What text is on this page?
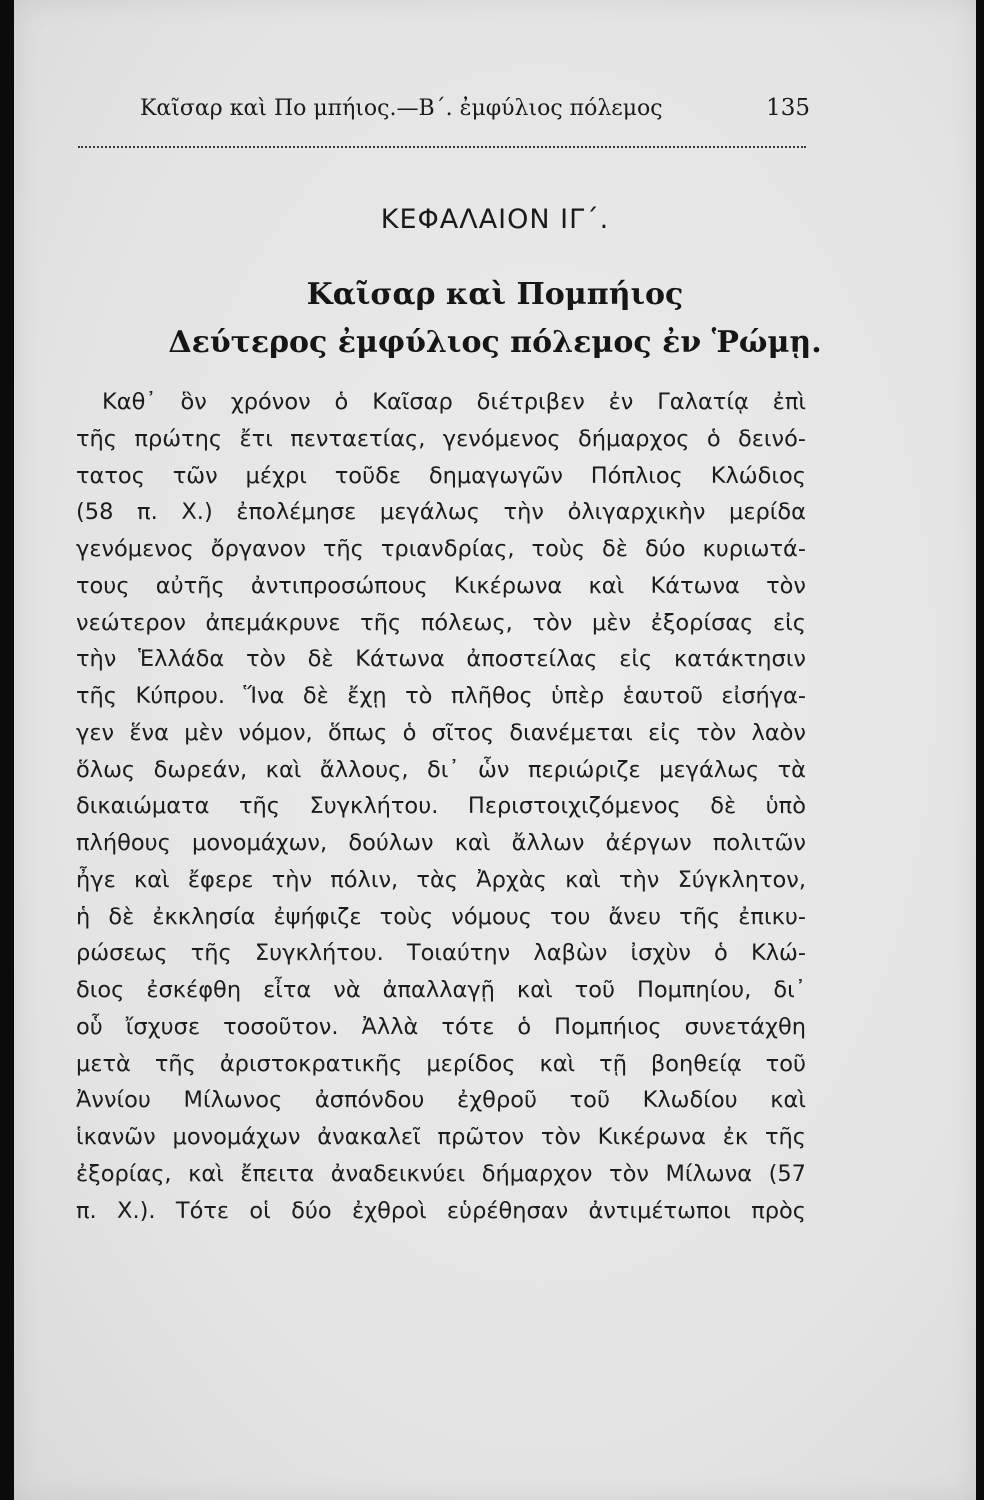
Καῖσαρ καὶ Πο μπήιος.—Β΄. ἐμφύλιος πόλεμος	135
ΚΕΦΑΛΑΙΟΝ ΙΓ΄.
Καῖσαρ καὶ Πομπήιος
Δεύτερος ἐμφύλιος πόλεμος ἐν Ῥώμῃ.
Καθ᾽ ὃν χρόνον ὁ Καῖσαρ διέτριβεν ἐν Γαλατίᾳ ἐπὶ
τῆς πρώτης ἔτι πενταετίας, γενόμενος δήμαρχος ὁ δεινό-
τατος τῶν μέχρι τοῦδε δημαγωγῶν Πόπλιος Κλώδιος
(58 π. Χ.) ἐπολέμησε μεγάλως τὴν ὀλιγαρχικὴν μερίδα
γενόμενος ὄργανον τῆς τριανδρίας, τοὺς δὲ δύο κυριωτά-
τους αὐτῆς ἀντιπροσώπους Κικέρωνα καὶ Κάτωνα τὸν
νεώτερον ἀπεμάκρυνε τῆς πόλεως, τὸν μὲν ἐξορίσας εἰς
τὴν Ἑλλάδα τὸν δὲ Κάτωνα ἀποστείλας εἰς κατάκτησιν
τῆς Κύπρου. Ἵνα δὲ ἔχῃ τὸ πλῆθος ὑπὲρ ἑαυτοῦ εἰσήγα-
γεν ἕνα μὲν νόμον, ὅπως ὁ σῖτος διανέμεται εἰς τὸν λαὸν
ὅλως δωρεάν, καὶ ἄλλους, δι᾽ ὧν περιώριζε μεγάλως τὰ
δικαιώματα τῆς Συγκλήτου. Περιστοιχιζόμενος δὲ ὑπὸ
πλήθους μονομάχων, δούλων καὶ ἄλλων ἀέργων πολιτῶν
ἦγε καὶ ἔφερε τὴν πόλιν, τὰς Ἀρχὰς καὶ τὴν Σύγκλητον,
ἡ δὲ ἐκκλησία ἐψήφιζε τοὺς νόμους του ἄνευ τῆς ἐπικυ-
ρώσεως τῆς Συγκλήτου. Τοιαύτην λαβὼν ἰσχὺν ὁ Κλώ-
διος ἐσκέφθη εἶτα νὰ ἀπαλλαγῇ καὶ τοῦ Πομπηίου, δι᾽
οὗ ἴσχυσε τοσοῦτον. Ἀλλὰ τότε ὁ Πομπήιος συνετάχθη
μετὰ τῆς ἀριστοκρατικῆς μερίδος καὶ τῇ βοηθείᾳ τοῦ
Ἀννίου Μίλωνος ἀσπόνδου ἐχθροῦ τοῦ Κλωδίου καὶ
ἱκανῶν μονομάχων ἀνακαλεῖ πρῶτον τὸν Κικέρωνα ἐκ τῆς
ἐξορίας, καὶ ἔπειτα ἀναδεικνύει δήμαρχον τὸν Μίλωνα (57
π. Χ.). Τότε οἱ δύο ἐχθροὶ εὑρέθησαν ἀντιμέτωποι πρὸς
